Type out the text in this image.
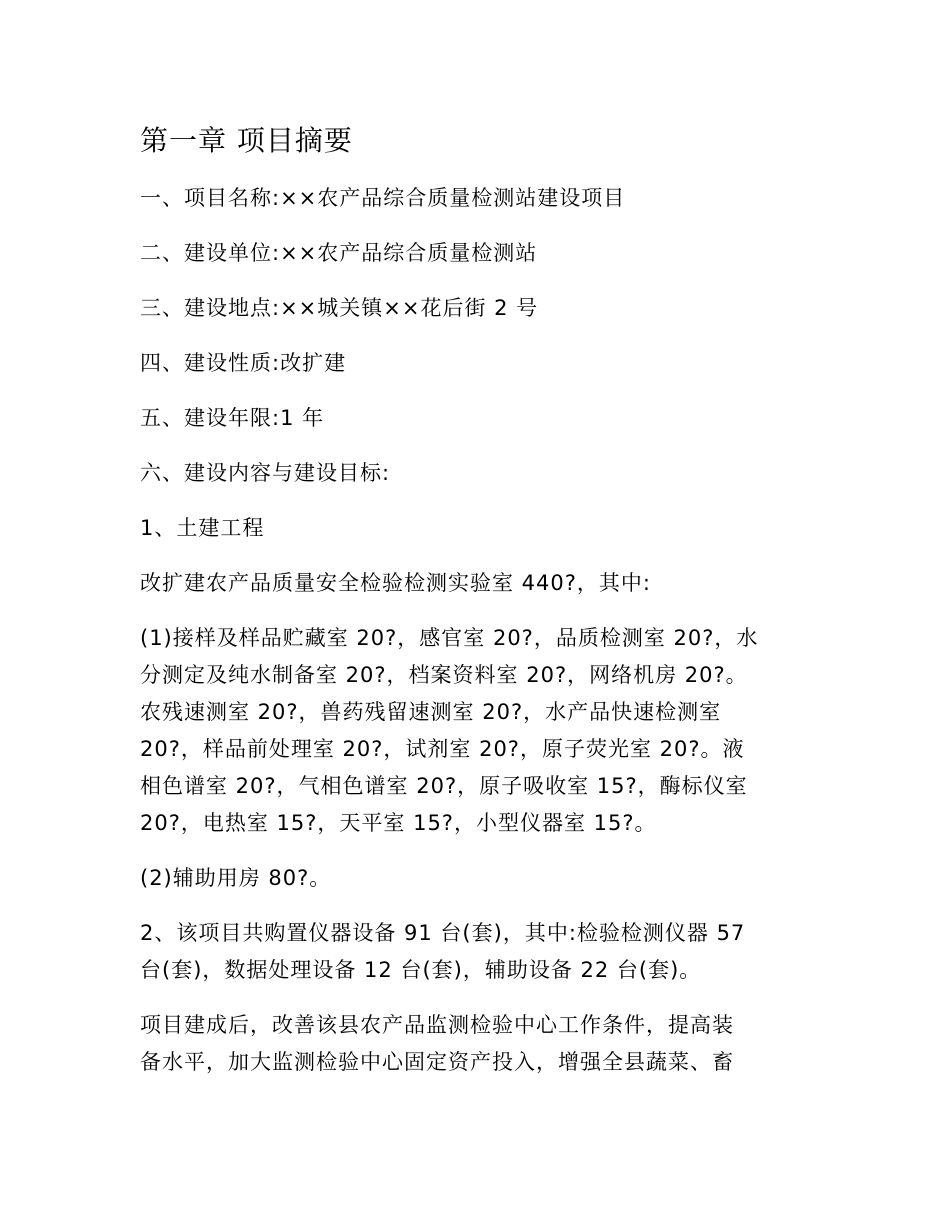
第一章 项目摘要
一、项目名称:××农产品综合质量检测站建设项目
二、建设单位:××农产品综合质量检测站
三、建设地点:××城关镇××花后街 2 号
四、建设性质:改扩建
五、建设年限:1 年
六、建设内容与建设目标:
1、土建工程
改扩建农产品质量安全检验检测实验室 440?，其中:
(1)接样及样品贮藏室 20?，感官室 20?，品质检测室 20?，水
分测定及纯水制备室 20?，档案资料室 20?，网络机房 20?。
农残速测室 20?，兽药残留速测室 20?，水产品快速检测室
20?，样品前处理室 20?，试剂室 20?，原子荧光室 20?。液
相色谱室 20?，气相色谱室 20?，原子吸收室 15?，酶标仪室
20?，电热室 15?，天平室 15?，小型仪器室 15?。
(2)辅助用房 80?。
2、该项目共购置仪器设备 91 台(套)，其中:检验检测仪器 57
台(套)，数据处理设备 12 台(套)，辅助设备 22 台(套)。
项目建成后，改善该县农产品监测检验中心工作条件，提高装
备水平，加大监测检验中心固定资产投入，增强全县蔬菜、畜
